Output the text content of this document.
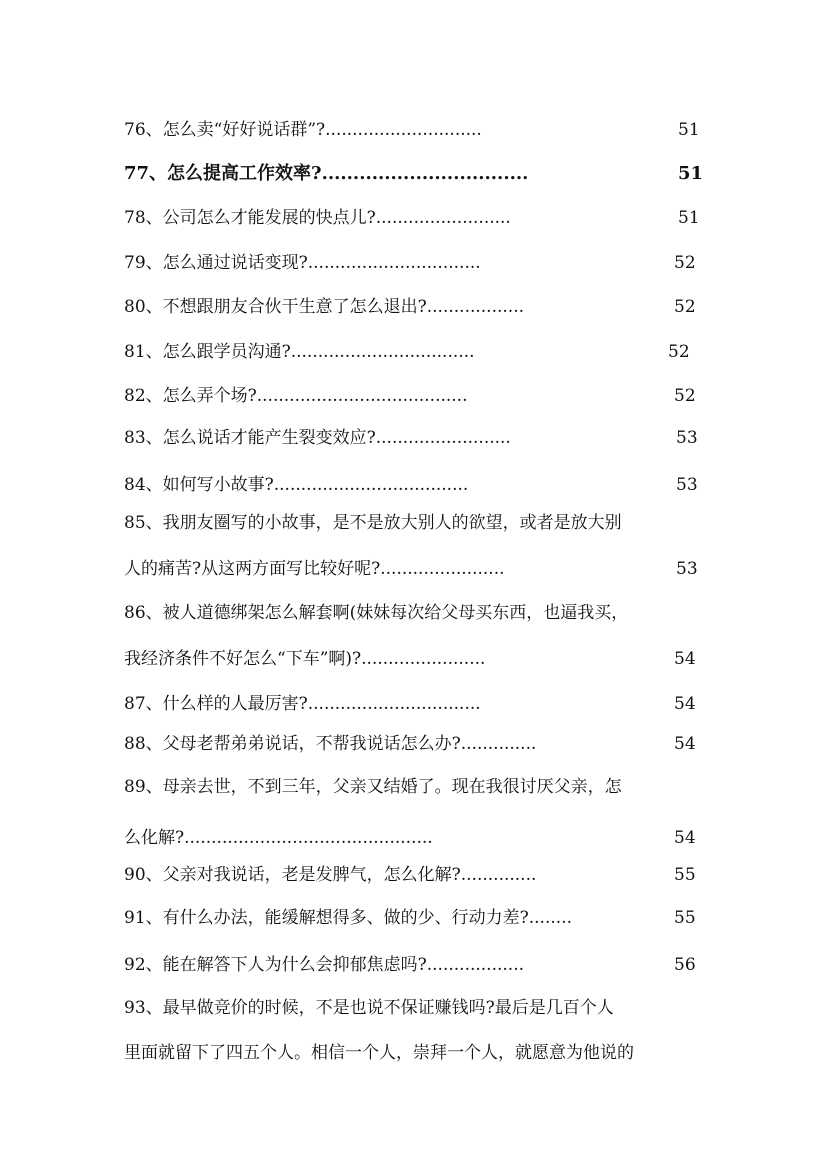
76、怎么卖“好好说话群”?.............................	51
77、怎么提高工作效率?.................................	51
78、公司怎么才能发展的快点儿?.........................	51
79、怎么通过说话变现?................................	52
80、不想跟朋友合伙干生意了怎么退出?..................	52
81、怎么跟学员沟通?..................................	52
82、怎么弄个场?.......................................	52
83、怎么说话才能产生裂变效应?.........................	53
84、如何写小故事?....................................	53
85、我朋友圈写的小故事，是不是放大别人的欲望，或者是放大别
人的痛苦?从这两方面写比较好呢?.......................	53
86、被人道德绑架怎么解套啊(妹妹每次给父母买东西，也逼我买，
我经济条件不好怎么“下车”啊)?.......................	54
87、什么样的人最厉害?................................	54
88、父母老帮弟弟说话，不帮我说话怎么办?..............	54
89、母亲去世，不到三年，父亲又结婚了。现在我很讨厌父亲，怎
么化解?..............................................	54
90、父亲对我说话，老是发脾气，怎么化解?..............	55
91、有什么办法，能缓解想得多、做的少、行动力差?........	55
92、能在解答下人为什么会抑郁焦虑吗?..................	56
93、最早做竞价的时候，不是也说不保证赚钱吗?最后是几百个人
里面就留下了四五个人。相信一个人，崇拜一个人，就愿意为他说的
